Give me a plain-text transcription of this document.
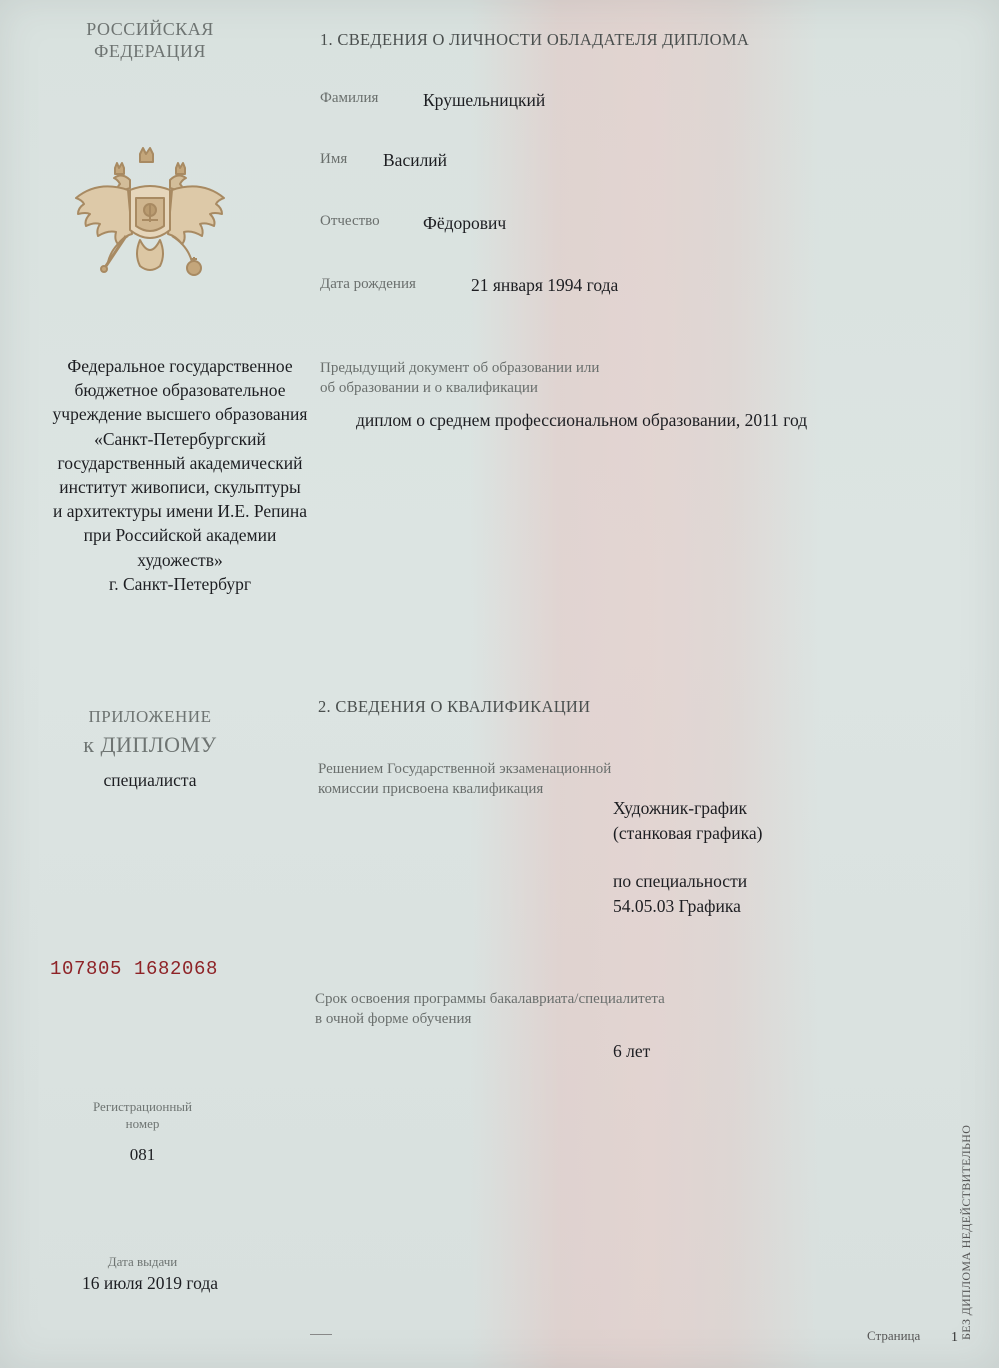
РОССИЙСКАЯ
ФЕДЕРАЦИЯ
Федеральное государственное
бюджетное образовательное
учреждение высшего образования
«Санкт-Петербургский
государственный академический
институт живописи, скульптуры
и архитектуры имени И.Е. Репина
при Российской академии
художеств»
г. Санкт-Петербург
ПРИЛОЖЕНИЕ
к ДИПЛОМУ
специалиста
107805 1682068
Регистрационный
номер
081
Дата выдачи
16 июля 2019 года
1. СВЕДЕНИЯ О ЛИЧНОСТИ ОБЛАДАТЕЛЯ ДИПЛОМА
Фамилия	Крушельницкий
Имя Василий
Отчество Фёдорович
Дата рождения	21 января 1994 года
Предыдущий документ об образовании или
об образовании и о квалификации
диплом о среднем профессиональном образовании, 2011 год
2. СВЕДЕНИЯ О КВАЛИФИКАЦИИ
Решением Государственной экзаменационной
комиссии присвоена квалификация
Художник-график
(станковая графика)
по специальности
54.05.03 Графика
Срок освоения программы бакалавриата/специалитета
в очной форме обучения
6 лет
БЕЗ ДИПЛОМА НЕДЕЙСТВИТЕЛЬНО
Страница 1
